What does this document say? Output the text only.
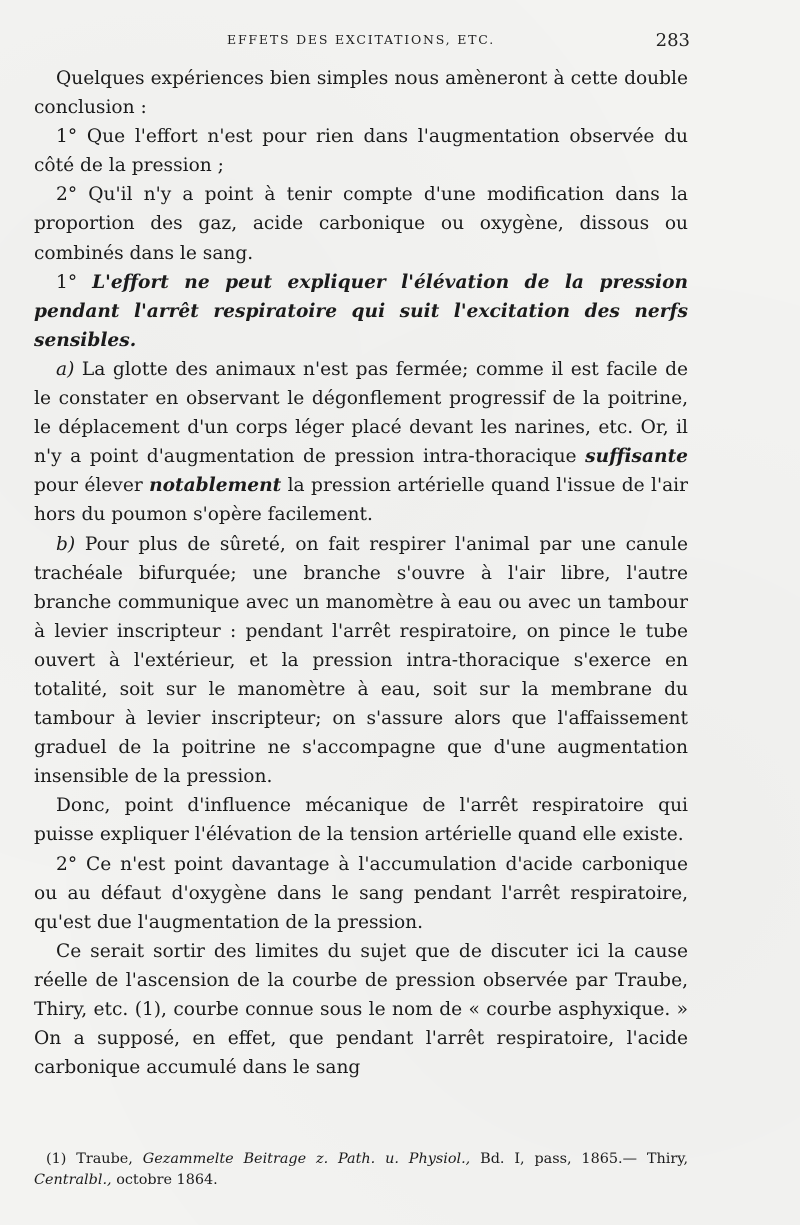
EFFETS DES EXCITATIONS, ETC.	283

Quelques expériences bien simples nous amèneront à cette double conclusion :

1° Que l'effort n'est pour rien dans l'augmentation observée du côté de la pression ;

2° Qu'il n'y a point à tenir compte d'une modification dans la proportion des gaz, acide carbonique ou oxygène, dissous ou combinés dans le sang.

1° L'effort ne peut expliquer l'élévation de la pression pendant l'arrêt respiratoire qui suit l'excitation des nerfs sensibles.

a) La glotte des animaux n'est pas fermée; comme il est facile de le constater en observant le dégonflement progressif de la poitrine, le déplacement d'un corps léger placé devant les narines, etc. Or, il n'y a point d'augmentation de pression intra-thoracique suffisante pour élever notablement la pression artérielle quand l'issue de l'air hors du poumon s'opère facilement.

b) Pour plus de sûreté, on fait respirer l'animal par une canule trachéale bifurquée; une branche s'ouvre à l'air libre, l'autre branche communique avec un manomètre à eau ou avec un tambour à levier inscripteur : pendant l'arrêt respiratoire, on pince le tube ouvert à l'extérieur, et la pression intra-thoracique s'exerce en totalité, soit sur le manomètre à eau, soit sur la membrane du tambour à levier inscripteur; on s'assure alors que l'affaissement graduel de la poitrine ne s'accompagne que d'une augmentation insensible de la pression.

Donc, point d'influence mécanique de l'arrêt respiratoire qui puisse expliquer l'élévation de la tension artérielle quand elle existe.

2° Ce n'est point davantage à l'accumulation d'acide carbonique ou au défaut d'oxygène dans le sang pendant l'arrêt respiratoire, qu'est due l'augmentation de la pression.

Ce serait sortir des limites du sujet que de discuter ici la cause réelle de l'ascension de la courbe de pression observée par Traube, Thiry, etc. (1), courbe connue sous le nom de « courbe asphyxique. » On a supposé, en effet, que pendant l'arrêt respiratoire, l'acide carbonique accumulé dans le sang

(1) Traube, Gezammelte Beitrage z. Path. u. Physiol., Bd. I, pass, 1865.— Thiry, Centralbl., octobre 1864.
